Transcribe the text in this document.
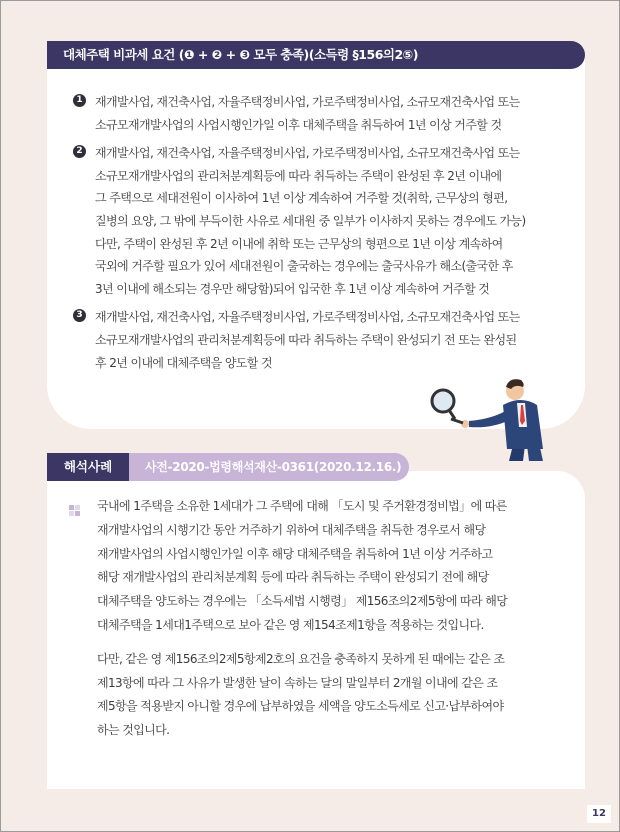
대체주택 비과세 요건 (❶ + ❷ + ❸ 모두 충족)(소득령 §156의2⑤)
1 재개발사업, 재건축사업, 자율주택정비사업, 가로주택정비사업, 소규모재건축사업 또는
소규모재개발사업의 사업시행인가일 이후 대체주택을 취득하여 1년 이상 거주할 것
2 재개발사업, 재건축사업, 자율주택정비사업, 가로주택정비사업, 소규모재건축사업 또는
소규모재개발사업의 관리처분계획등에 따라 취득하는 주택이 완성된 후 2년 이내에
그 주택으로 세대전원이 이사하여 1년 이상 계속하여 거주할 것(취학, 근무상의 형편,
질병의 요양, 그 밖에 부득이한 사유로 세대원 중 일부가 이사하지 못하는 경우에도 가능)
다만, 주택이 완성된 후 2년 이내에 취학 또는 근무상의 형편으로 1년 이상 계속하여
국외에 거주할 필요가 있어 세대전원이 출국하는 경우에는 출국사유가 해소(출국한 후
3년 이내에 해소되는 경우만 해당함)되어 입국한 후 1년 이상 계속하여 거주할 것
3 재개발사업, 재건축사업, 자율주택정비사업, 가로주택정비사업, 소규모재건축사업 또는
소규모재개발사업의 관리처분계획등에 따라 취득하는 주택이 완성되기 전 또는 완성된
후 2년 이내에 대체주택을 양도할 것
해석사례	사전-2020-법령해석재산-0361(2020.12.16.)
국내에 1주택을 소유한 1세대가 그 주택에 대해 「도시 및 주거환경정비법」에 따른
재개발사업의 시행기간 동안 거주하기 위하여 대체주택을 취득한 경우로서 해당
재개발사업의 사업시행인가일 이후 해당 대체주택을 취득하여 1년 이상 거주하고
해당 재개발사업의 관리처분계획 등에 따라 취득하는 주택이 완성되기 전에 해당
대체주택을 양도하는 경우에는 「소득세법 시행령」 제156조의2제5항에 따라 해당
대체주택을 1세대1주택으로 보아 같은 영 제154조제1항을 적용하는 것입니다.
다만, 같은 영 제156조의2제5항제2호의 요건을 충족하지 못하게 된 때에는 같은 조
제13항에 따라 그 사유가 발생한 날이 속하는 달의 말일부터 2개월 이내에 같은 조
제5항을 적용받지 아니할 경우에 납부하였을 세액을 양도소득세로 신고·납부하여야
하는 것입니다.
12
